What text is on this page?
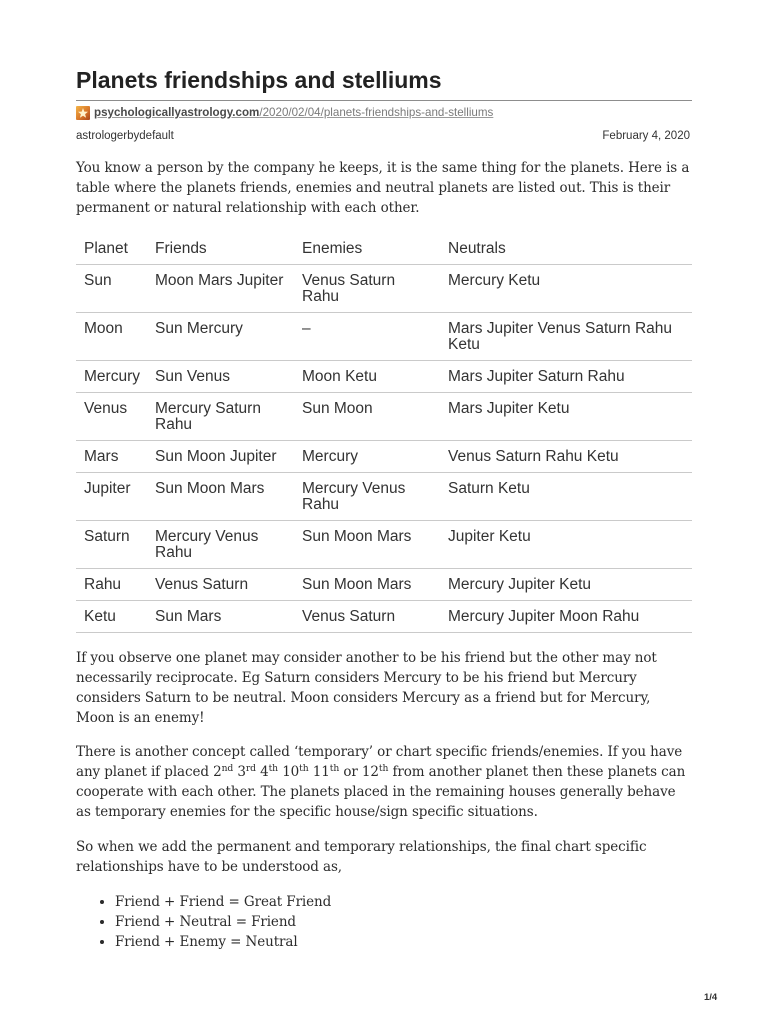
Planets friendships and stelliums
psychologicallyastrology.com/2020/02/04/planets-friendships-and-stelliums
astrologerbydefault	February 4, 2020
You know a person by the company he keeps, it is the same thing for the planets. Here is a
table where the planets friends, enemies and neutral planets are listed out. This is their
permanent or natural relationship with each other.
Planet	Friends	Enemies	Neutrals

Sun	Moon Mars Jupiter	Venus Saturn Rahu	Mercury Ketu

Moon	Sun Mercury	–	Mars Jupiter Venus Saturn Rahu Ketu

Mercury	Sun Venus	Moon Ketu	Mars Jupiter Saturn Rahu

Venus	Mercury Saturn Rahu	Sun Moon	Mars Jupiter Ketu

Mars	Sun Moon Jupiter	Mercury	Venus Saturn Rahu Ketu

Jupiter	Sun Moon Mars	Mercury Venus Rahu	Saturn Ketu

Saturn	Mercury Venus Rahu	Sun Moon Mars	Jupiter Ketu

Rahu	Venus Saturn	Sun Moon Mars	Mercury Jupiter Ketu

Ketu	Sun Mars	Venus Saturn	Mercury Jupiter Moon Rahu
If you observe one planet may consider another to be his friend but the other may not
necessarily reciprocate. Eg Saturn considers Mercury to be his friend but Mercury
considers Saturn to be neutral. Moon considers Mercury as a friend but for Mercury,
Moon is an enemy!
There is another concept called ‘temporary’ or chart specific friends/enemies. If you have
any planet if placed 2nd 3rd 4th 10th 11th or 12th from another planet then these planets can
cooperate with each other. The planets placed in the remaining houses generally behave
as temporary enemies for the specific house/sign specific situations.
So when we add the permanent and temporary relationships, the final chart specific
relationships have to be understood as,
• Friend + Friend = Great Friend
• Friend + Neutral = Friend
• Friend + Enemy = Neutral
1/4
